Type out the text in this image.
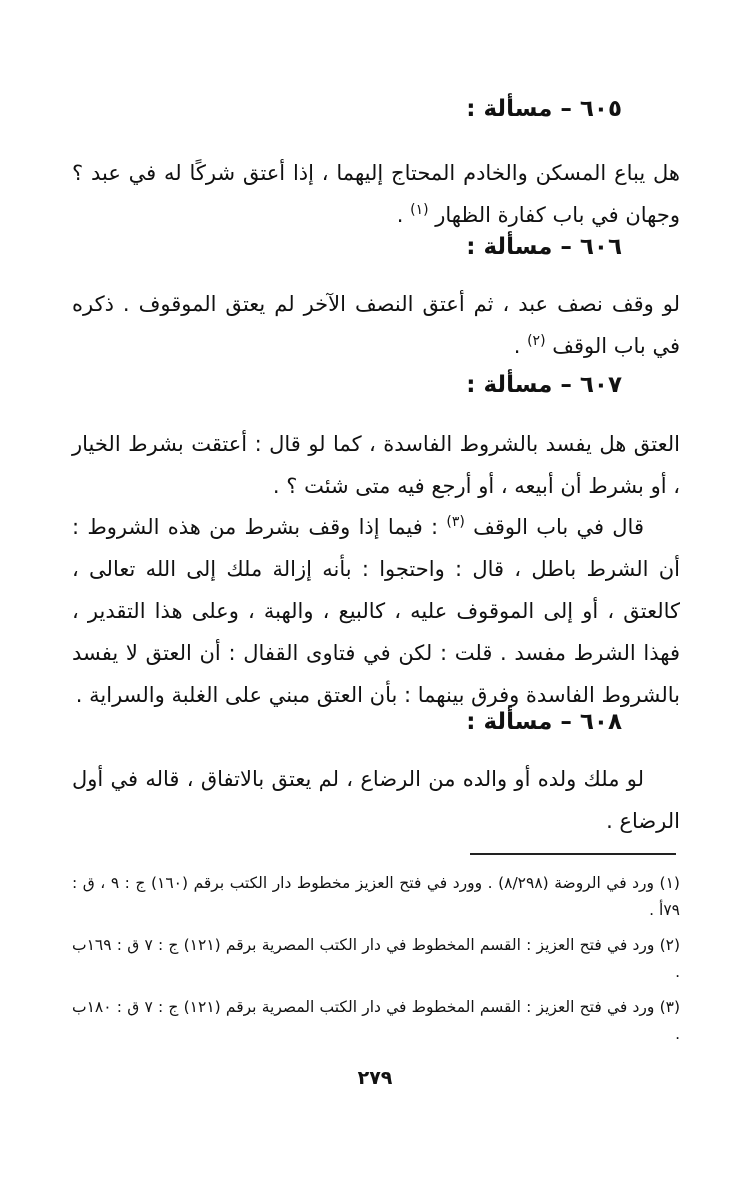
٦٠٥ – مسألة :
هل يباع المسكن والخادم المحتاج إليهما ، إذا أعتق شركًا له في عبد ؟ وجهان في باب كفارة الظهار $^{(١)}$ .
٦٠٦ – مسألة :
لو وقف نصف عبد ، ثم أعتق النصف الآخر لم يعتق الموقوف . ذكره في باب الوقف $^{(٢)}$ .
٦٠٧ – مسألة :
العتق هل يفسد بالشروط الفاسدة ، كما لو قال : أعتقت بشرط الخيار ، أو بشرط أن أبيعه ، أو أرجع فيه متى شئت ؟ .
قال في باب الوقف $^{(٣)}$ : فيما إذا وقف بشرط من هذه الشروط : أن الشرط باطل ، قال : واحتجوا : بأنه إزالة ملك إلى الله تعالى ، كالعتق ، أو إلى الموقوف عليه ، كالبيع ، والهبة ، وعلى هذا التقدير ، فهذا الشرط مفسد . قلت : لكن في فتاوى القفال : أن العتق لا يفسد بالشروط الفاسدة وفرق بينهما : بأن العتق مبني على الغلبة والسراية .
٦٠٨ – مسألة :
لو ملك ولده أو والده من الرضاع ، لم يعتق بالاتفاق ، قاله في أول الرضاع .
(١) ورد في الروضة (٨/٢٩٨) . وورد في فتح العزيز مخطوط دار الكتب برقم (١٦٠) ج : ٩ ، ق : ٧٩أ .
(٢) ورد في فتح العزيز : القسم المخطوط في دار الكتب المصرية برقم (١٢١) ج : ٧ ق : ١٦٩ب .
(٣) ورد في فتح العزيز : القسم المخطوط في دار الكتب المصرية برقم (١٢١) ج : ٧ ق : ١٨٠ب .
٢٧٩
